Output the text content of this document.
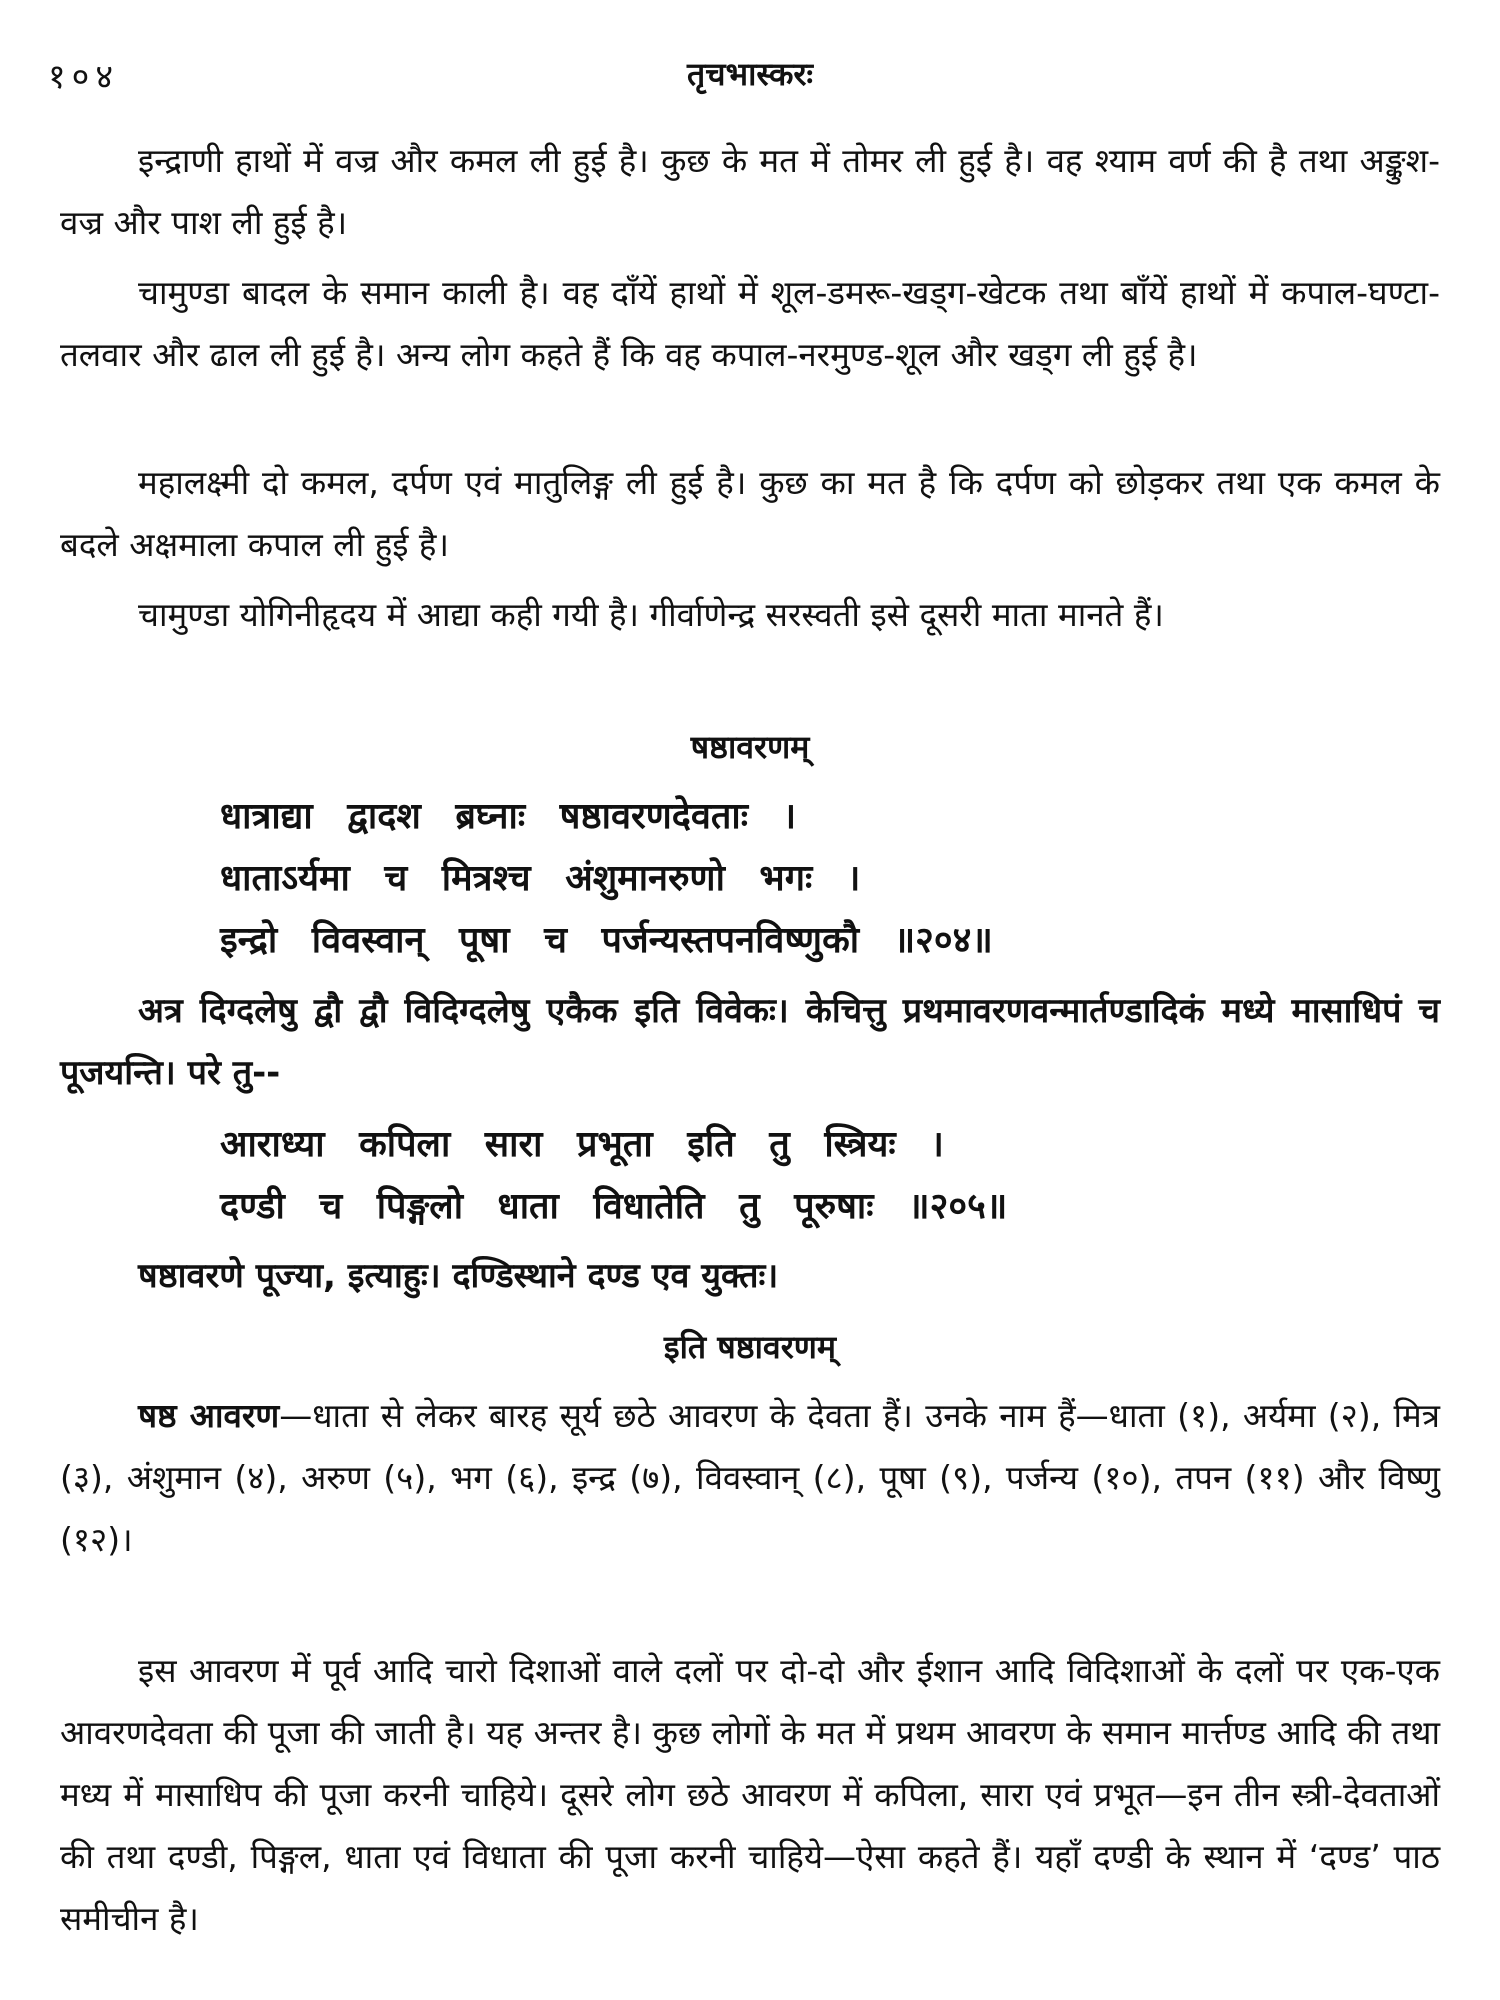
१०४	तृचभास्करः

इन्द्राणी हाथों में वज्र और कमल ली हुई है। कुछ के मत में तोमर ली हुई है। वह श्याम वर्ण की है तथा अङ्कुश-वज्र और पाश ली हुई है।

चामुण्डा बादल के समान काली है। वह दाँयें हाथों में शूल-डमरू-खड्ग-खेटक तथा बाँयें हाथों में कपाल-घण्टा-तलवार और ढाल ली हुई है। अन्य लोग कहते हैं कि वह कपाल-नरमुण्ड-शूल और खड्ग ली हुई है।

महालक्ष्मी दो कमल, दर्पण एवं मातुलिङ्ग ली हुई है। कुछ का मत है कि दर्पण को छोड़कर तथा एक कमल के बदले अक्षमाला कपाल ली हुई है।

चामुण्डा योगिनीहृदय में आद्या कही गयी है। गीर्वाणेन्द्र सरस्वती इसे दूसरी माता मानते हैं।

षष्ठावरणम्
धात्राद्या द्वादश ब्रघ्नाः षष्ठावरणदेवताः ।
धाताऽर्यमा च मित्रश्च अंशुमानरुणो भगः ।
इन्द्रो विवस्वान् पूषा च पर्जन्यस्तपनविष्णुकौ ॥२०४॥

अत्र दिग्दलेषु द्वौ द्वौ विदिग्दलेषु एकैक इति विवेकः। केचित्तु प्रथमावरणवन्मार्तण्डादिकं मध्ये मासाधिपं च पूजयन्ति। परे तु--

आराध्या कपिला सारा प्रभूता इति तु स्त्रियः ।
दण्डी च पिङ्गलो धाता विधातेति तु पूरुषाः ॥२०५॥

षष्ठावरणे पूज्या, इत्याहुः। दण्डिस्थाने दण्ड एव युक्तः।

इति षष्ठावरणम्

षष्ठ आवरण—धाता से लेकर बारह सूर्य छठे आवरण के देवता हैं। उनके नाम हैं—धाता (१), अर्यमा (२), मित्र (३), अंशुमान (४), अरुण (५), भग (६), इन्द्र (७), विवस्वान् (८), पूषा (९), पर्जन्य (१०), तपन (११) और विष्णु (१२)।

इस आवरण में पूर्व आदि चारो दिशाओं वाले दलों पर दो-दो और ईशान आदि विदिशाओं के दलों पर एक-एक आवरणदेवता की पूजा की जाती है। यह अन्तर है। कुछ लोगों के मत में प्रथम आवरण के समान मार्त्तण्ड आदि की तथा मध्य में मासाधिप की पूजा करनी चाहिये। दूसरे लोग छठे आवरण में कपिला, सारा एवं प्रभूत—इन तीन स्त्री-देवताओं की तथा दण्डी, पिङ्गल, धाता एवं विधाता की पूजा करनी चाहिये—ऐसा कहते हैं। यहाँ दण्डी के स्थान में ‘दण्ड’ पाठ समीचीन है।
